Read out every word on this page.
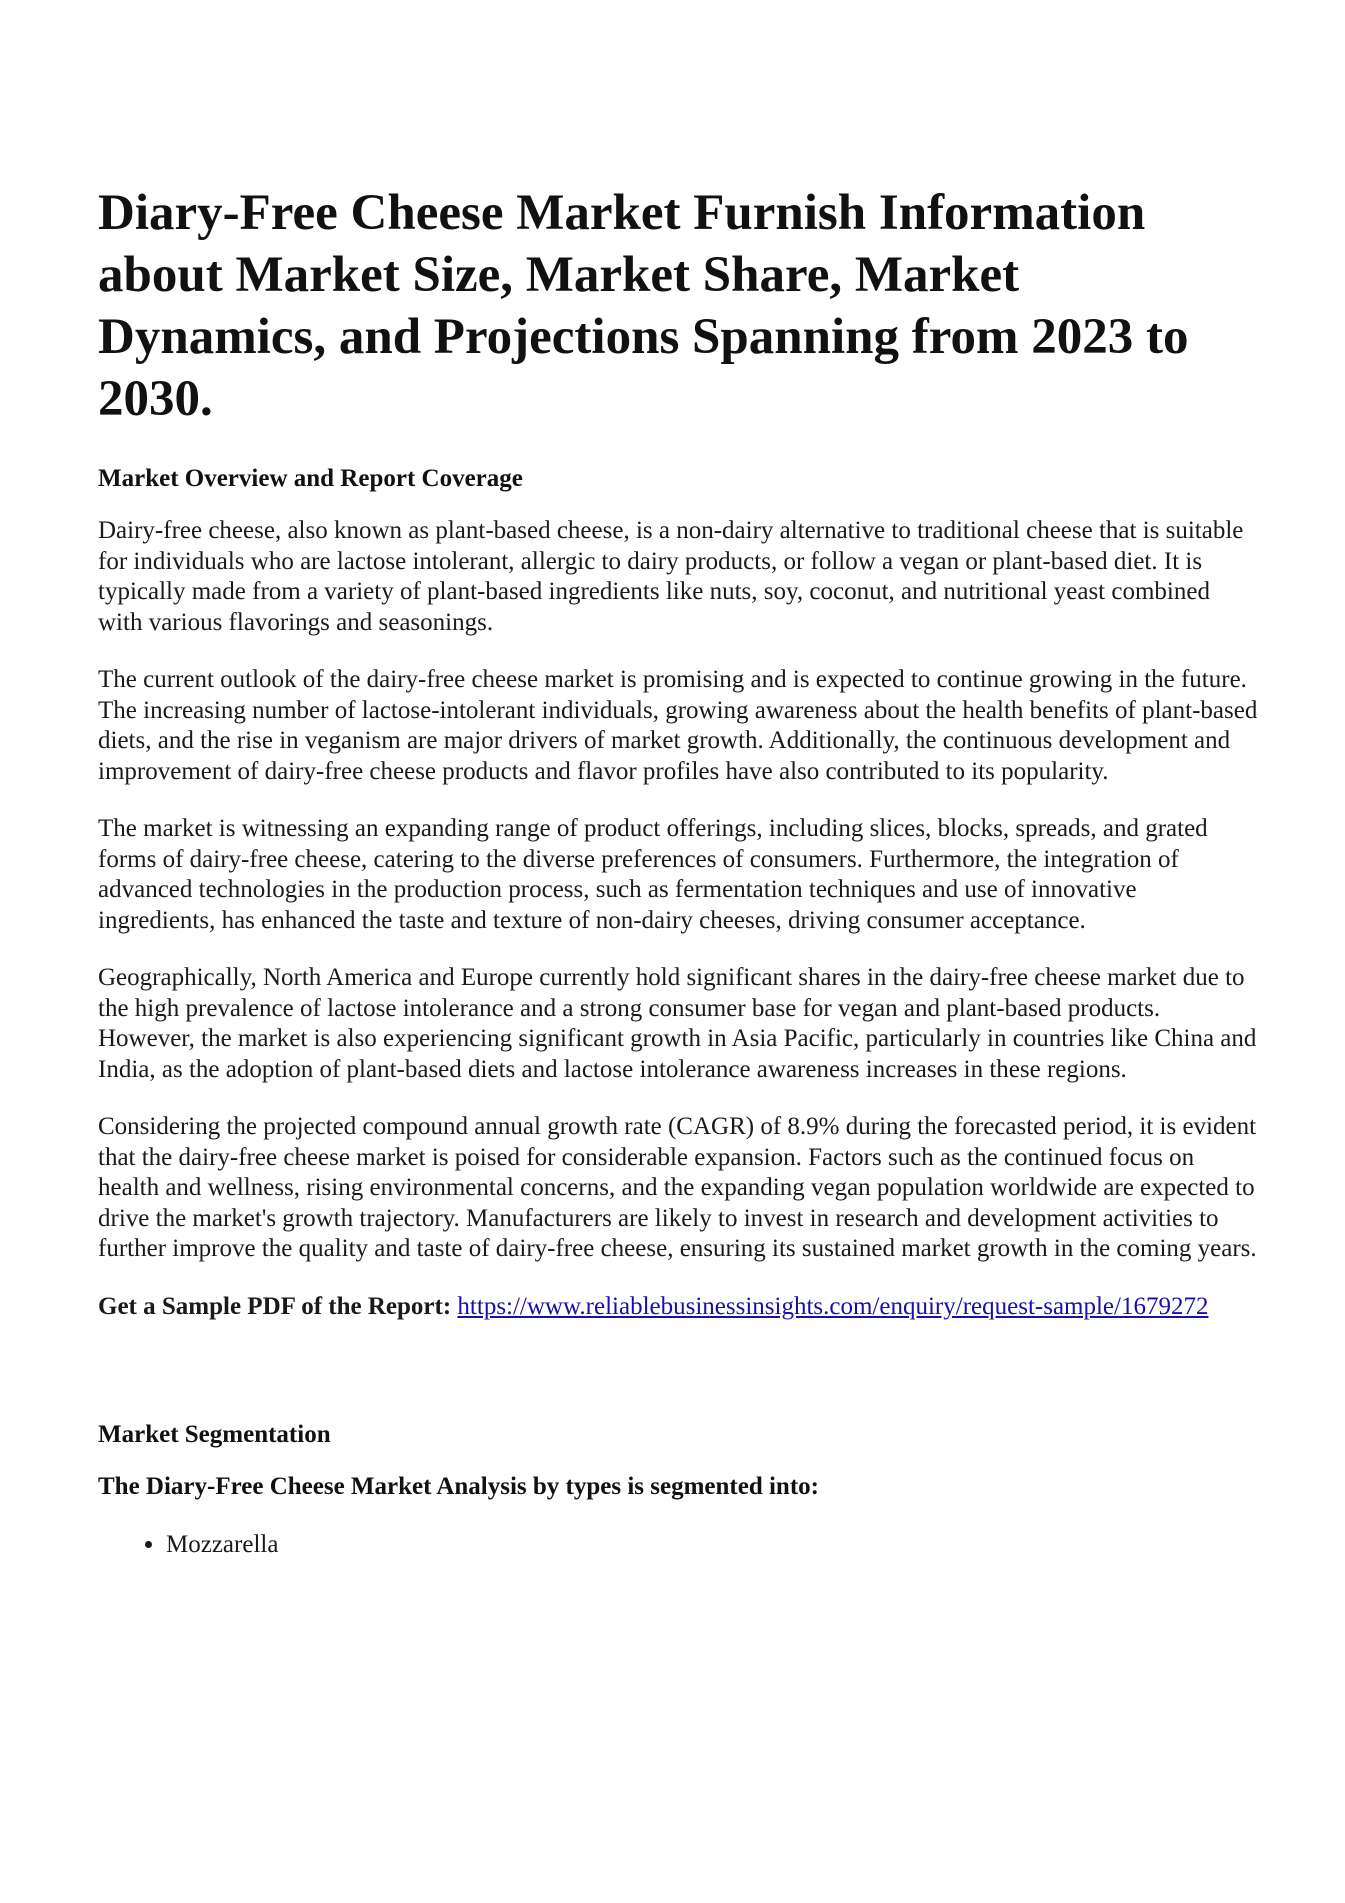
Diary-Free Cheese Market Furnish Information about Market Size, Market Share, Market Dynamics, and Projections Spanning from 2023 to 2030.
Market Overview and Report Coverage

Dairy-free cheese, also known as plant-based cheese, is a non-dairy alternative to traditional cheese that is suitable for individuals who are lactose intolerant, allergic to dairy products, or follow a vegan or plant-based diet. It is typically made from a variety of plant-based ingredients like nuts, soy, coconut, and nutritional yeast combined with various flavorings and seasonings.

The current outlook of the dairy-free cheese market is promising and is expected to continue growing in the future. The increasing number of lactose-intolerant individuals, growing awareness about the health benefits of plant-based diets, and the rise in veganism are major drivers of market growth. Additionally, the continuous development and improvement of dairy-free cheese products and flavor profiles have also contributed to its popularity.

The market is witnessing an expanding range of product offerings, including slices, blocks, spreads, and grated forms of dairy-free cheese, catering to the diverse preferences of consumers. Furthermore, the integration of advanced technologies in the production process, such as fermentation techniques and use of innovative ingredients, has enhanced the taste and texture of non-dairy cheeses, driving consumer acceptance.

Geographically, North America and Europe currently hold significant shares in the dairy-free cheese market due to the high prevalence of lactose intolerance and a strong consumer base for vegan and plant-based products. However, the market is also experiencing significant growth in Asia Pacific, particularly in countries like China and India, as the adoption of plant-based diets and lactose intolerance awareness increases in these regions.

Considering the projected compound annual growth rate (CAGR) of 8.9% during the forecasted period, it is evident that the dairy-free cheese market is poised for considerable expansion. Factors such as the continued focus on health and wellness, rising environmental concerns, and the expanding vegan population worldwide are expected to drive the market's growth trajectory. Manufacturers are likely to invest in research and development activities to further improve the quality and taste of dairy-free cheese, ensuring its sustained market growth in the coming years.

Get a Sample PDF of the Report: https://www.reliablebusinessinsights.com/enquiry/request-sample/1679272

Market Segmentation
The Diary-Free Cheese Market Analysis by types is segmented into:
• Mozzarella
